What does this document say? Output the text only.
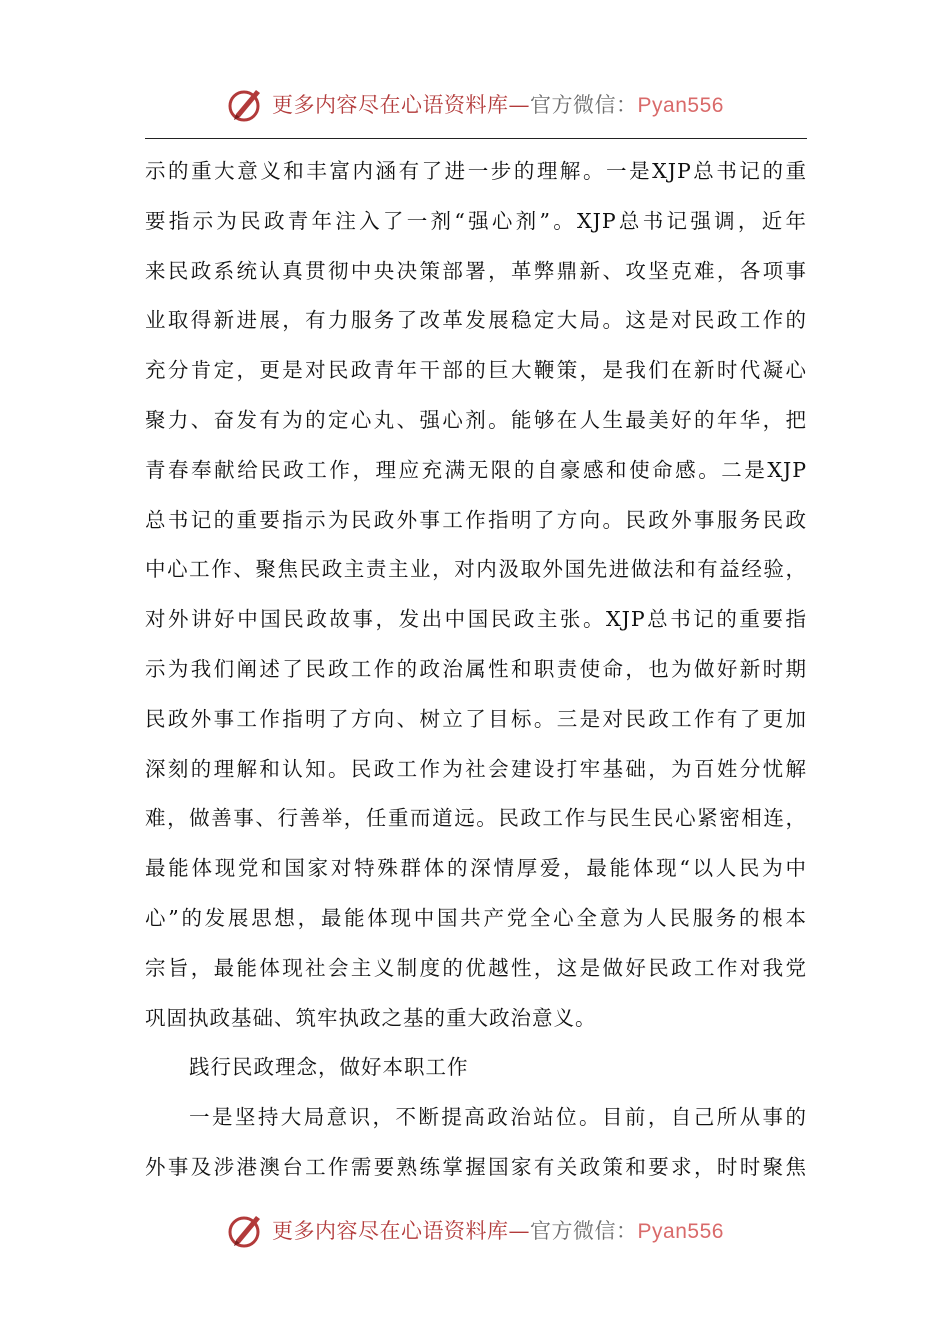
更多内容尽在心语资料库—官方微信：Pyan556
示的重大意义和丰富内涵有了进一步的理解。一是XJP总书记的重
要指示为民政青年注入了一剂“强心剂”。XJP总书记强调，近年
来民政系统认真贯彻中央决策部署，革弊鼎新、攻坚克难，各项事
业取得新进展，有力服务了改革发展稳定大局。这是对民政工作的
充分肯定，更是对民政青年干部的巨大鞭策，是我们在新时代凝心
聚力、奋发有为的定心丸、强心剂。能够在人生最美好的年华，把
青春奉献给民政工作，理应充满无限的自豪感和使命感。二是XJP
总书记的重要指示为民政外事工作指明了方向。民政外事服务民政
中心工作、聚焦民政主责主业，对内汲取外国先进做法和有益经验，
对外讲好中国民政故事，发出中国民政主张。XJP总书记的重要指
示为我们阐述了民政工作的政治属性和职责使命，也为做好新时期
民政外事工作指明了方向、树立了目标。三是对民政工作有了更加
深刻的理解和认知。民政工作为社会建设打牢基础，为百姓分忧解
难，做善事、行善举，任重而道远。民政工作与民生民心紧密相连，
最能体现党和国家对特殊群体的深情厚爱，最能体现“以人民为中
心”的发展思想，最能体现中国共产党全心全意为人民服务的根本
宗旨，最能体现社会主义制度的优越性，这是做好民政工作对我党
巩固执政基础、筑牢执政之基的重大政治意义。
践行民政理念，做好本职工作
一是坚持大局意识，不断提高政治站位。目前，自己所从事的
外事及涉港澳台工作需要熟练掌握国家有关政策和要求，时时聚焦
更多内容尽在心语资料库—官方微信：Pyan556
